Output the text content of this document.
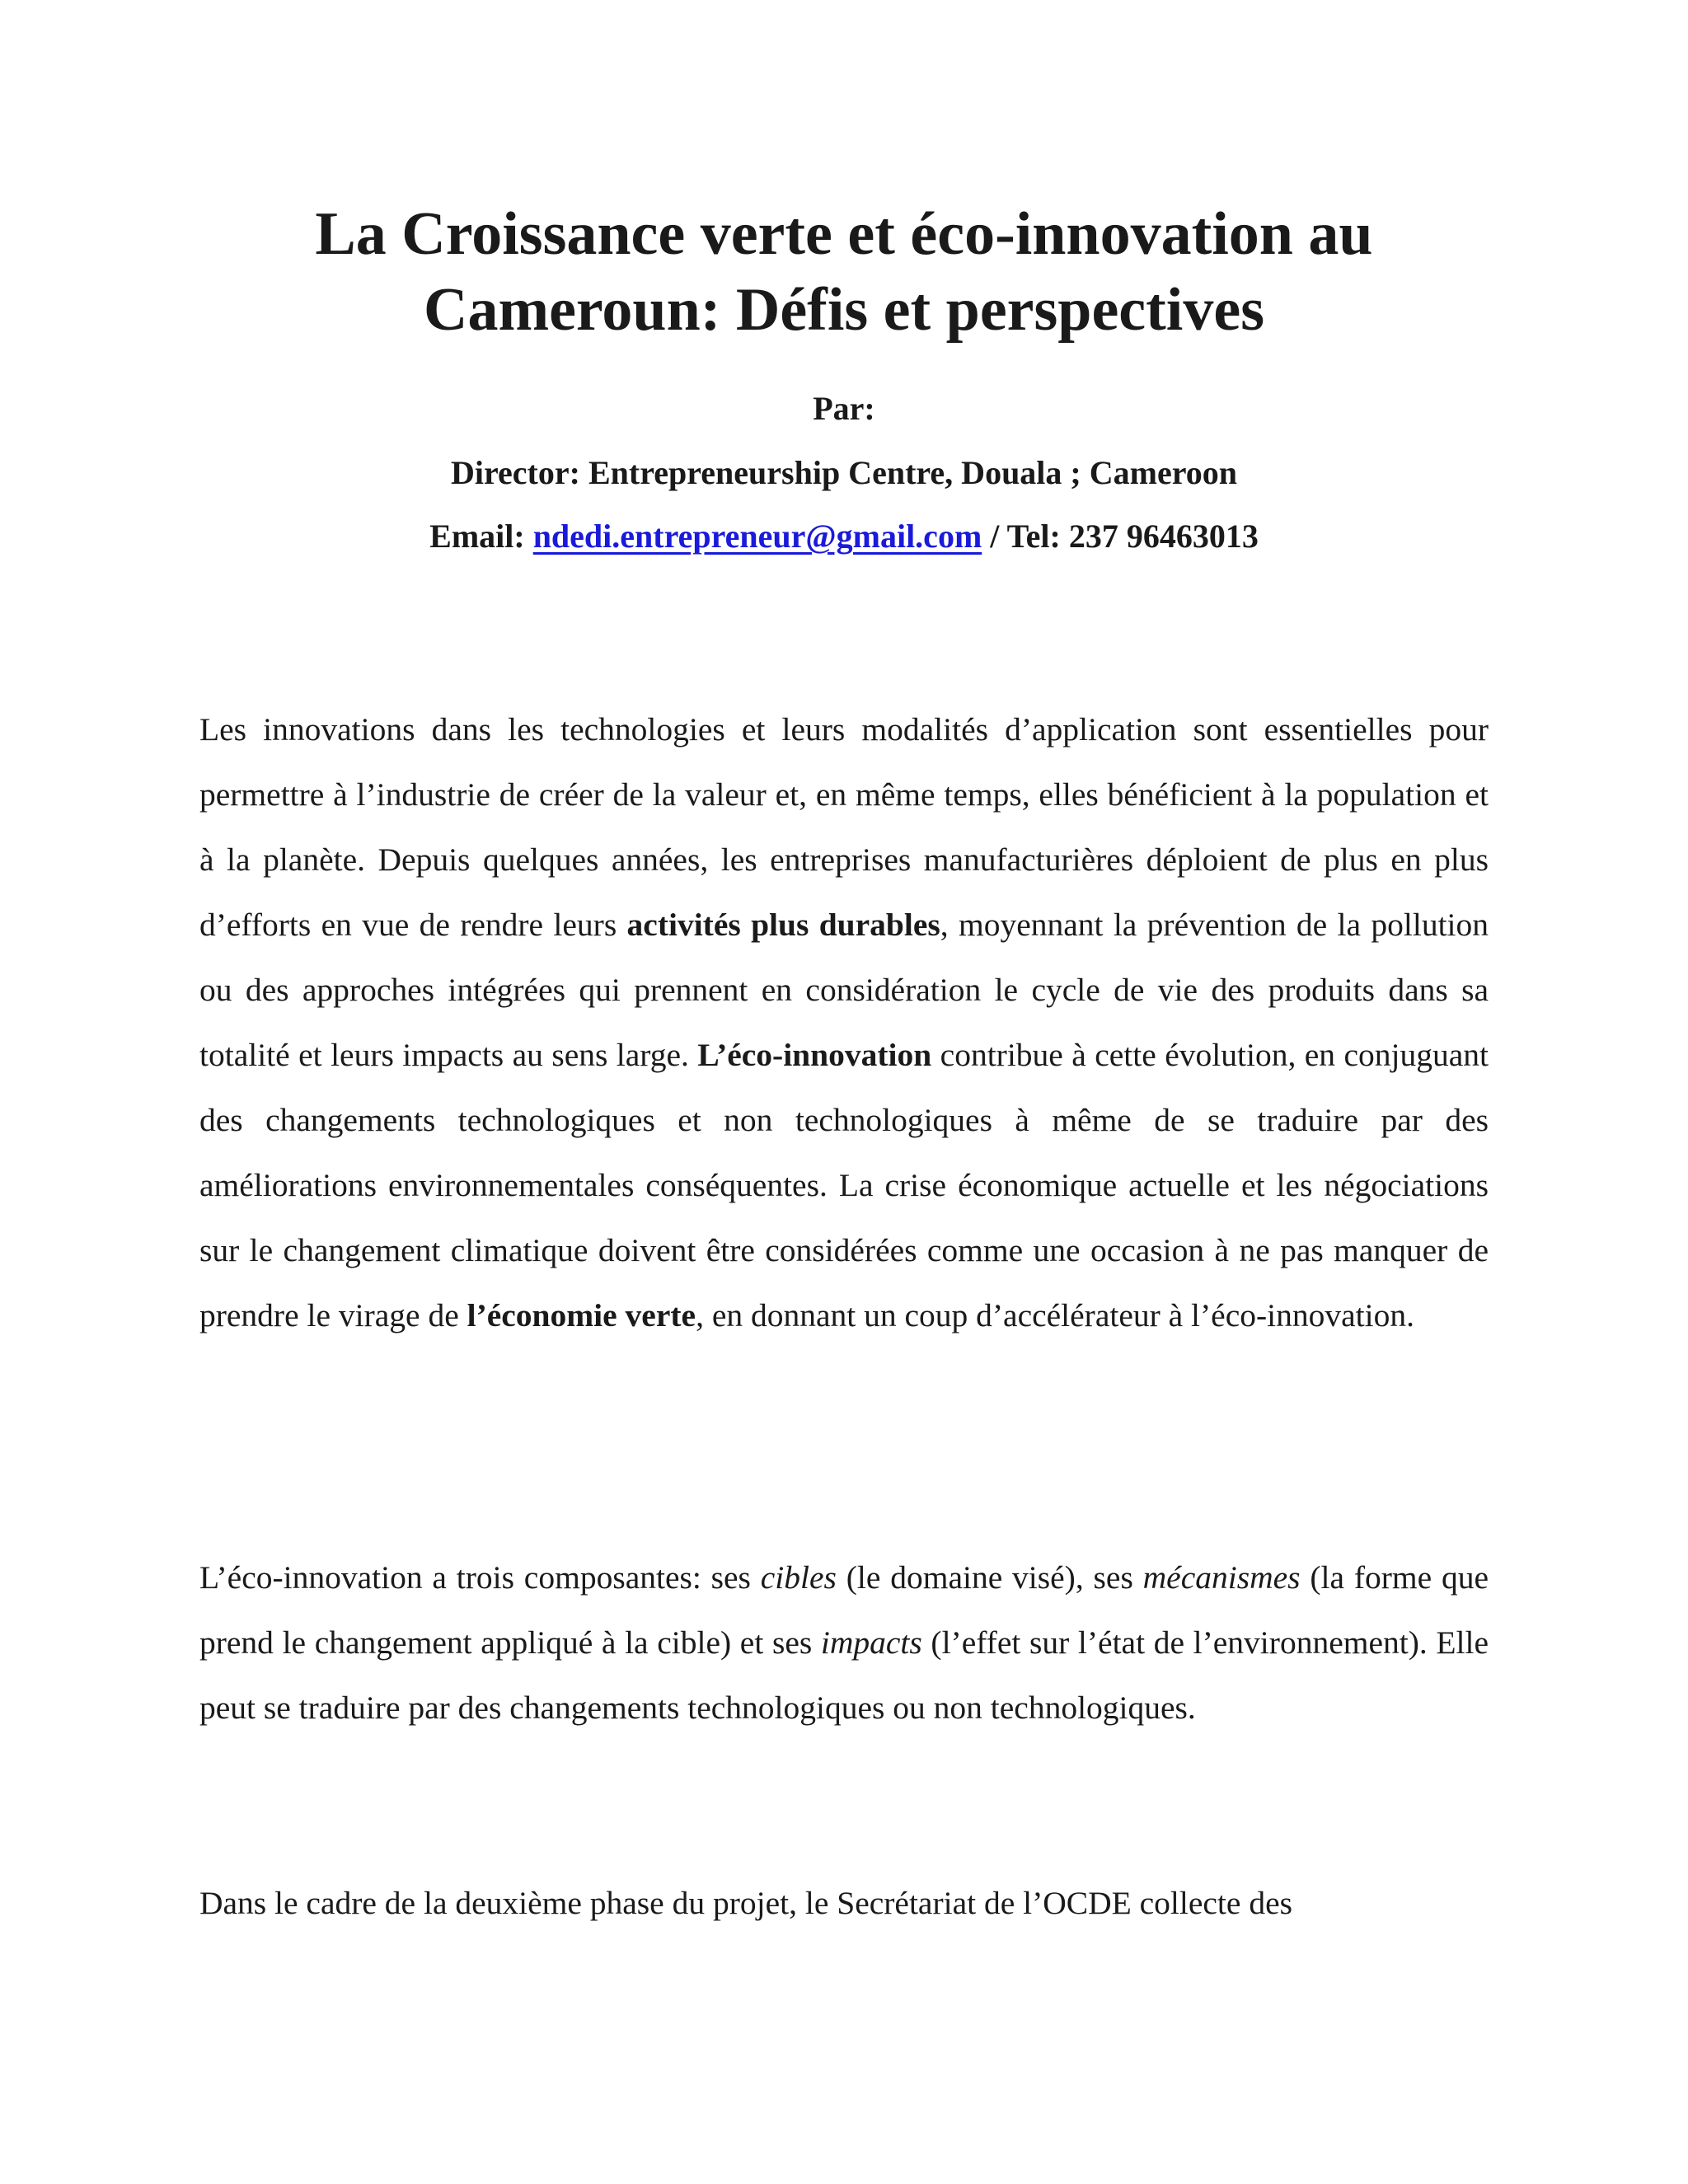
La Croissance verte et éco-innovation au
Cameroun: Défis et perspectives

Par:

Director: Entrepreneurship Centre, Douala ; Cameroon

Email: ndedi.entrepreneur@gmail.com / Tel: 237 96463013

Les innovations dans les technologies et leurs modalités d’application sont essentielles pour permettre à l’industrie de créer de la valeur et, en même temps, elles bénéficient à la population et à la planète. Depuis quelques années, les entreprises manufacturières déploient de plus en plus d’efforts en vue de rendre leurs activités plus durables, moyennant la prévention de la pollution ou des approches intégrées qui prennent en considération le cycle de vie des produits dans sa totalité et leurs impacts au sens large. L’éco-innovation contribue à cette évolution, en conjuguant des changements technologiques et non technologiques à même de se traduire par des améliorations environnementales conséquentes. La crise économique actuelle et les négociations sur le changement climatique doivent être considérées comme une occasion à ne pas manquer de prendre le virage de l’économie verte, en donnant un coup d’accélérateur à l’éco-innovation.

L’éco-innovation a trois composantes: ses cibles (le domaine visé), ses mécanismes (la forme que prend le changement appliqué à la cible) et ses impacts (l’effet sur l’état de l’environnement). Elle peut se traduire par des changements technologiques ou non technologiques.

Dans le cadre de la deuxième phase du projet, le Secrétariat de l’OCDE collecte des
